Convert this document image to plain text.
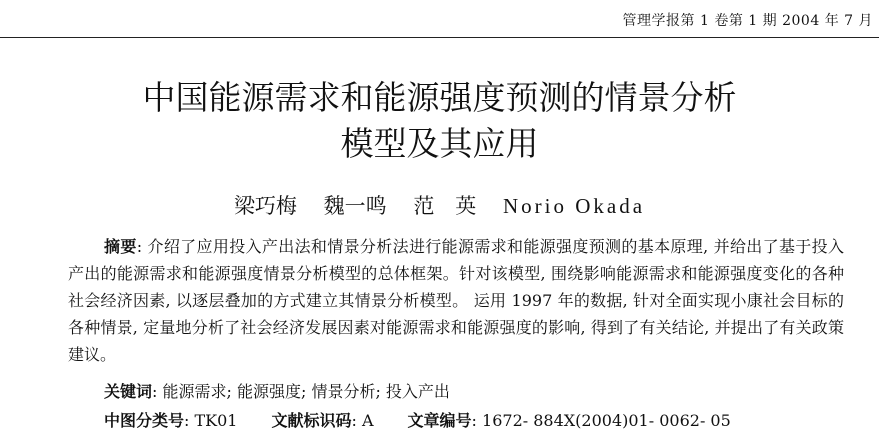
管理学报第 1 卷第 1 期 2004 年 7 月
中国能源需求和能源强度预测的情景分析
模型及其应用
梁巧梅 魏一鸣 范　英 Norio Okada
摘要: 介绍了应用投入产出法和情景分析法进行能源需求和能源强度预测的基本原理, 并给出了基于投入产出的能源需求和能源强度情景分析模型的总体框架。针对该模型, 围绕影响能源需求和能源强度变化的各种社会经济因素, 以逐层叠加的方式建立其情景分析模型。 运用 1997 年的数据, 针对全面实现小康社会目标的各种情景, 定量地分析了社会经济发展因素对能源需求和能源强度的影响, 得到了有关结论, 并提出了有关政策建议。
关键词: 能源需求; 能源强度; 情景分析; 投入产出
中图分类号: TK01 文献标识码: A 文章编号: 1672- 884X(2004)01- 0062- 05
